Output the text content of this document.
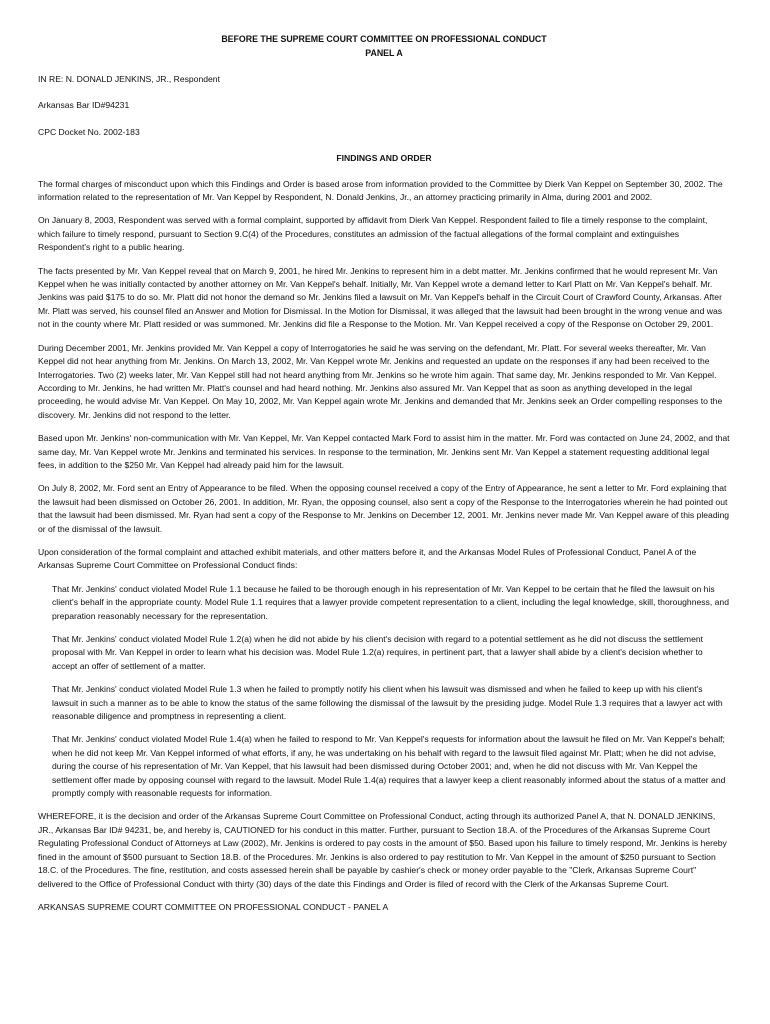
BEFORE THE SUPREME COURT COMMITTEE ON PROFESSIONAL CONDUCT
PANEL A

IN RE: N. DONALD JENKINS, JR., Respondent

Arkansas Bar ID#94231

CPC Docket No. 2002-183

FINDINGS AND ORDER

The formal charges of misconduct upon which this Findings and Order is based arose from information provided to the Committee by Dierk Van Keppel on September 30, 2002. The information related to the representation of Mr. Van Keppel by Respondent, N. Donald Jenkins, Jr., an attorney practicing primarily in Alma, during 2001 and 2002.

On January 8, 2003, Respondent was served with a formal complaint, supported by affidavit from Dierk Van Keppel. Respondent failed to file a timely response to the complaint, which failure to timely respond, pursuant to Section 9.C(4) of the Procedures, constitutes an admission of the factual allegations of the formal complaint and extinguishes Respondent's right to a public hearing.

The facts presented by Mr. Van Keppel reveal that on March 9, 2001, he hired Mr. Jenkins to represent him in a debt matter. Mr. Jenkins confirmed that he would represent Mr. Van Keppel when he was initially contacted by another attorney on Mr. Van Keppel's behalf. Initially, Mr. Van Keppel wrote a demand letter to Karl Platt on Mr. Van Keppel's behalf. Mr. Jenkins was paid $175 to do so. Mr. Platt did not honor the demand so Mr. Jenkins filed a lawsuit on Mr. Van Keppel's behalf in the Circuit Court of Crawford County, Arkansas. After Mr. Platt was served, his counsel filed an Answer and Motion for Dismissal. In the Motion for Dismissal, it was alleged that the lawsuit had been brought in the wrong venue and was not in the county where Mr. Platt resided or was summoned. Mr. Jenkins did file a Response to the Motion. Mr. Van Keppel received a copy of the Response on October 29, 2001.

During December 2001, Mr. Jenkins provided Mr. Van Keppel a copy of Interrogatories he said he was serving on the defendant, Mr. Platt. For several weeks thereafter, Mr. Van Keppel did not hear anything from Mr. Jenkins. On March 13, 2002, Mr. Van Keppel wrote Mr. Jenkins and requested an update on the responses if any had been received to the Interrogatories. Two (2) weeks later, Mr. Van Keppel still had not heard anything from Mr. Jenkins so he wrote him again. That same day, Mr. Jenkins responded to Mr. Van Keppel. According to Mr. Jenkins, he had written Mr. Platt's counsel and had heard nothing. Mr. Jenkins also assured Mr. Van Keppel that as soon as anything developed in the legal proceeding, he would advise Mr. Van Keppel. On May 10, 2002, Mr. Van Keppel again wrote Mr. Jenkins and demanded that Mr. Jenkins seek an Order compelling responses to the discovery. Mr. Jenkins did not respond to the letter.

Based upon Mr. Jenkins' non-communication with Mr. Van Keppel, Mr. Van Keppel contacted Mark Ford to assist him in the matter. Mr. Ford was contacted on June 24, 2002, and that same day, Mr. Van Keppel wrote Mr. Jenkins and terminated his services. In response to the termination, Mr. Jenkins sent Mr. Van Keppel a statement requesting additional legal fees, in addition to the $250 Mr. Van Keppel had already paid him for the lawsuit.

On July 8, 2002, Mr. Ford sent an Entry of Appearance to be filed. When the opposing counsel received a copy of the Entry of Appearance, he sent a letter to Mr. Ford explaining that the lawsuit had been dismissed on October 26, 2001. In addition, Mr. Ryan, the opposing counsel, also sent a copy of the Response to the Interrogatories wherein he had pointed out that the lawsuit had been dismissed. Mr. Ryan had sent a copy of the Response to Mr. Jenkins on December 12, 2001. Mr. Jenkins never made Mr. Van Keppel aware of this pleading or of the dismissal of the lawsuit.

Upon consideration of the formal complaint and attached exhibit materials, and other matters before it, and the Arkansas Model Rules of Professional Conduct, Panel A of the Arkansas Supreme Court Committee on Professional Conduct finds:

That Mr. Jenkins' conduct violated Model Rule 1.1 because he failed to be thorough enough in his representation of Mr. Van Keppel to be certain that he filed the lawsuit on his client's behalf in the appropriate county. Model Rule 1.1 requires that a lawyer provide competent representation to a client, including the legal knowledge, skill, thoroughness, and preparation reasonably necessary for the representation.

That Mr. Jenkins' conduct violated Model Rule 1.2(a) when he did not abide by his client's decision with regard to a potential settlement as he did not discuss the settlement proposal with Mr. Van Keppel in order to learn what his decision was. Model Rule 1.2(a) requires, in pertinent part, that a lawyer shall abide by a client's decision whether to accept an offer of settlement of a matter.

That Mr. Jenkins' conduct violated Model Rule 1.3 when he failed to promptly notify his client when his lawsuit was dismissed and when he failed to keep up with his client's lawsuit in such a manner as to be able to know the status of the same following the dismissal of the lawsuit by the presiding judge. Model Rule 1.3 requires that a lawyer act with reasonable diligence and promptness in representing a client.

That Mr. Jenkins' conduct violated Model Rule 1.4(a) when he failed to respond to Mr. Van Keppel's requests for information about the lawsuit he filed on Mr. Van Keppel's behalf; when he did not keep Mr. Van Keppel informed of what efforts, if any, he was undertaking on his behalf with regard to the lawsuit filed against Mr. Platt; when he did not advise, during the course of his representation of Mr. Van Keppel, that his lawsuit had been dismissed during October 2001; and, when he did not discuss with Mr. Van Keppel the settlement offer made by opposing counsel with regard to the lawsuit. Model Rule 1.4(a) requires that a lawyer keep a client reasonably informed about the status of a matter and promptly comply with reasonable requests for information.

WHEREFORE, it is the decision and order of the Arkansas Supreme Court Committee on Professional Conduct, acting through its authorized Panel A, that N. DONALD JENKINS, JR., Arkansas Bar ID# 94231, be, and hereby is, CAUTIONED for his conduct in this matter. Further, pursuant to Section 18.A. of the Procedures of the Arkansas Supreme Court Regulating Professional Conduct of Attorneys at Law (2002), Mr. Jenkins is ordered to pay costs in the amount of $50. Based upon his failure to timely respond, Mr. Jenkins is hereby fined in the amount of $500 pursuant to Section 18.B. of the Procedures. Mr. Jenkins is also ordered to pay restitution to Mr. Van Keppel in the amount of $250 pursuant to Section 18.C. of the Procedures. The fine, restitution, and costs assessed herein shall be payable by cashier's check or money order payable to the "Clerk, Arkansas Supreme Court" delivered to the Office of Professional Conduct with thirty (30) days of the date this Findings and Order is filed of record with the Clerk of the Arkansas Supreme Court.

ARKANSAS SUPREME COURT COMMITTEE ON PROFESSIONAL CONDUCT - PANEL A
